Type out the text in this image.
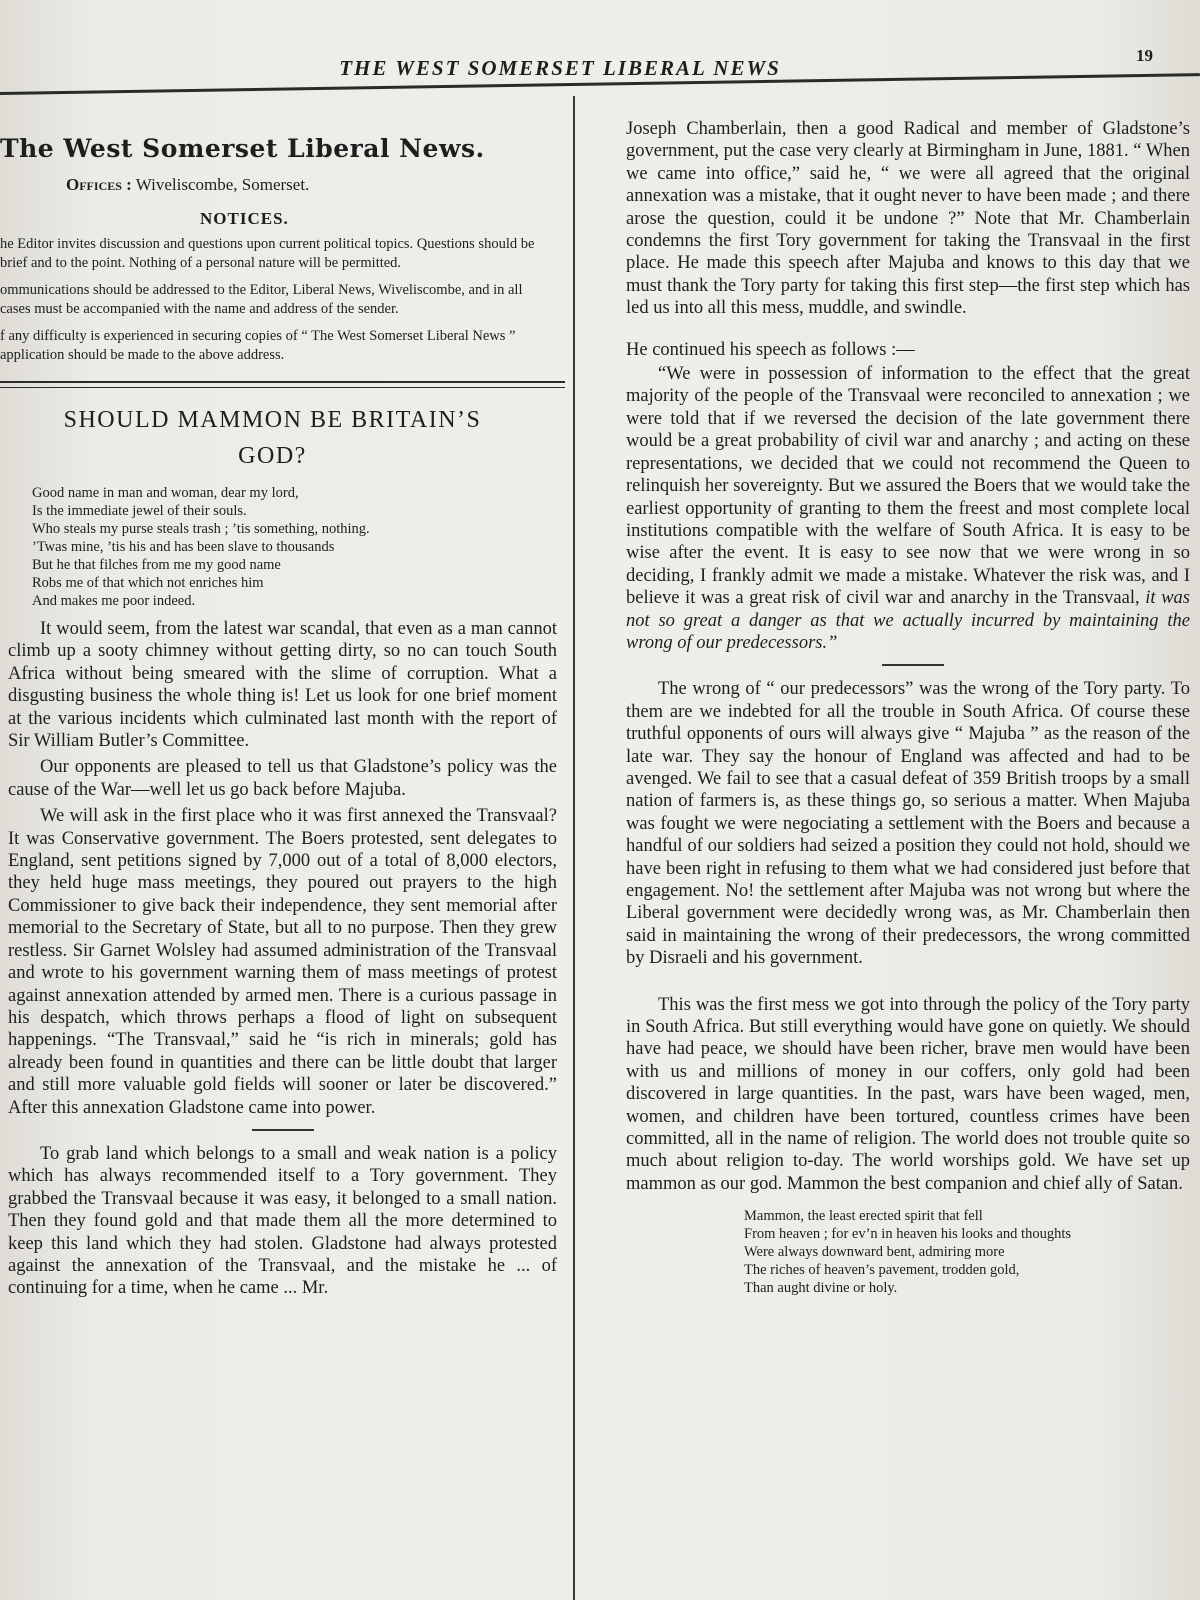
THE WEST SOMERSET LIBERAL NEWS
19
The West Somerset Liberal News.
Offices : Wiveliscombe, Somerset.
NOTICES.
he Editor invites discussion and questions upon current political topics. Questions should be brief and to the point. Nothing of a personal nature will be permitted.
ommunications should be addressed to the Editor, Liberal News, Wiveliscombe, and in all cases must be accompanied with the name and address of the sender.
f any difficulty is experienced in securing copies of “ The West Somerset Liberal News ” application should be made to the above address.
SHOULD MAMMON BE BRITAIN’S
GOD?
Good name in man and woman, dear my lord,
Is the immediate jewel of their souls.
Who steals my purse steals trash ; ’tis something, nothing.
’Twas mine, ’tis his and has been slave to thousands
But he that filches from me my good name
Robs me of that which not enriches him
And makes me poor indeed.

It would seem, from the latest war scandal, that even as a man cannot climb up a sooty chimney without getting dirty, so no can touch South Africa without being smeared with the slime of corruption. What a disgusting business the whole thing is! Let us look for one brief moment at the various incidents which culminated last month with the report of Sir William Butler’s Committee.

Our opponents are pleased to tell us that Gladstone’s policy was the cause of the War—well let us go back before Majuba.

We will ask in the first place who it was first annexed the Transvaal? It was Conservative government. The Boers protested, sent delegates to England, sent petitions signed by 7,000 out of a total of 8,000 electors, they held huge mass meetings, they poured out prayers to the high Commissioner to give back their independence, they sent memorial after memorial to the Secretary of State, but all to no purpose. Then they grew restless. Sir Garnet Wolsley had assumed administration of the Transvaal and wrote to his government warning them of mass meetings of protest against annexation attended by armed men. There is a curious passage in his despatch, which throws perhaps a flood of light on subsequent happenings. “The Transvaal,” said he “is rich in minerals; gold has already been found in quantities and there can be little doubt that larger and still more valuable gold fields will sooner or later be discovered.” After this annexation Gladstone came into power.

To grab land which belongs to a small and weak nation is a policy which has always recommended itself to a Tory government. They grabbed the Transvaal because it was easy, it belonged to a small nation. Then they found gold and that made them all the more determined to keep this land which they had stolen. Gladstone had always protested against the annexation of the Transvaal, and the mistake he ... of continuing for a time, when he came ... Mr.

Joseph Chamberlain, then a good Radical and member of Gladstone’s government, put the case very clearly at Birmingham in June, 1881. “ When we came into office,” said he, “ we were all agreed that the original annexation was a mistake, that it ought never to have been made ; and there arose the question, could it be undone ?” Note that Mr. Chamberlain condemns the first Tory government for taking the Transvaal in the first place. He made this speech after Majuba and knows to this day that we must thank the Tory party for taking this first step—the first step which has led us into all this mess, muddle, and swindle.

He continued his speech as follows :—

“We were in possession of information to the effect that the great majority of the people of the Transvaal were reconciled to annexation ; we were told that if we reversed the decision of the late government there would be a great probability of civil war and anarchy ; and acting on these representations, we decided that we could not recommend the Queen to relinquish her sovereignty. But we assured the Boers that we would take the earliest opportunity of granting to them the freest and most complete local institutions compatible with the welfare of South Africa. It is easy to be wise after the event. It is easy to see now that we were wrong in so deciding, I frankly admit we made a mistake. Whatever the risk was, and I believe it was a great risk of civil war and anarchy in the Transvaal, it was not so great a danger as that we actually incurred by maintaining the wrong of our predecessors.”

The wrong of “ our predecessors” was the wrong of the Tory party. To them are we indebted for all the trouble in South Africa. Of course these truthful opponents of ours will always give “ Majuba ” as the reason of the late war. They say the honour of England was affected and had to be avenged. We fail to see that a casual defeat of 359 British troops by a small nation of farmers is, as these things go, so serious a matter. When Majuba was fought we were negociating a settlement with the Boers and because a handful of our soldiers had seized a position they could not hold, should we have been right in refusing to them what we had considered just before that engagement. No! the settlement after Majuba was not wrong but where the Liberal government were decidedly wrong was, as Mr. Chamberlain then said in maintaining the wrong of their predecessors, the wrong committed by Disraeli and his government.

This was the first mess we got into through the policy of the Tory party in South Africa. But still everything would have gone on quietly. We should have had peace, we should have been richer, brave men would have been with us and millions of money in our coffers, only gold had been discovered in large quantities. In the past, wars have been waged, men, women, and children have been tortured, countless crimes have been committed, all in the name of religion. The world does not trouble quite so much about religion to-day. The world worships gold. We have set up mammon as our god. Mammon the best companion and chief ally of Satan.

Mammon, the least erected spirit that fell
From heaven ; for ev’n in heaven his looks and thoughts
Were always downward bent, admiring more
The riches of heaven’s pavement, trodden gold,
Than aught divine or holy.
